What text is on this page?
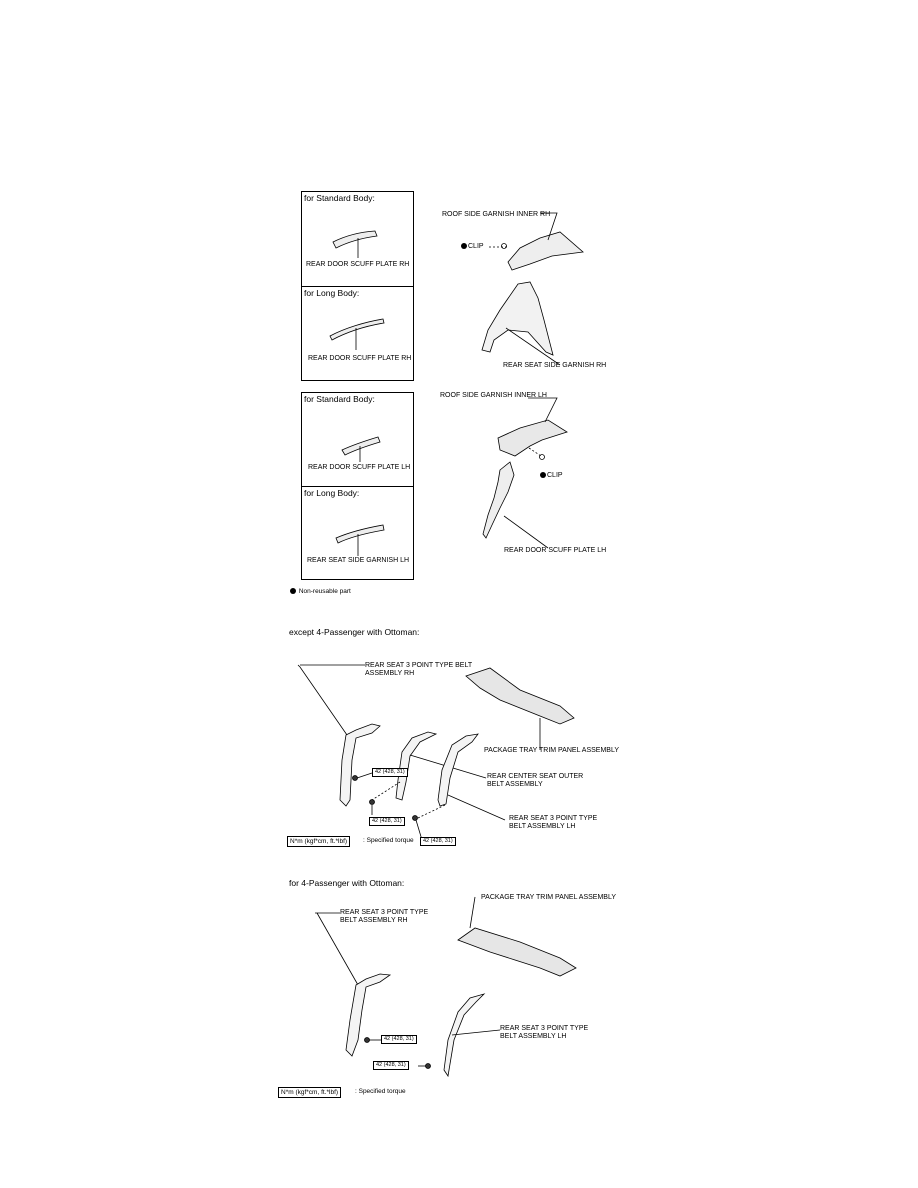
for Standard Body:
REAR DOOR SCUFF PLATE RH
for Long Body:
REAR DOOR SCUFF PLATE RH
ROOF SIDE GARNISH INNER RH
CLIP
REAR SEAT SIDE GARNISH RH
for Standard Body:
REAR DOOR SCUFF PLATE LH
for Long Body:
REAR SEAT SIDE GARNISH LH
ROOF SIDE GARNISH INNER LH
CLIP
REAR DOOR SCUFF PLATE LH
Non-reusable part
except 4-Passenger with Ottoman:
REAR SEAT 3 POINT TYPE BELT
ASSEMBLY RH
PACKAGE TRAY TRIM PANEL ASSEMBLY
REAR CENTER SEAT OUTER
BELT ASSEMBLY
REAR SEAT 3 POINT TYPE
BELT ASSEMBLY LH
42 (428, 31)
42 (428, 31)
42 (428, 31)
N*m (kgf*cm, ft.*lbf)	: Specified torque
for 4-Passenger with Ottoman:
PACKAGE TRAY TRIM PANEL ASSEMBLY
REAR SEAT 3 POINT TYPE
BELT ASSEMBLY RH
REAR SEAT 3 POINT TYPE
BELT ASSEMBLY LH
42 (428, 31)
42 (428, 31)
N*m (kgf*cm, ft.*lbf)	: Specified torque
